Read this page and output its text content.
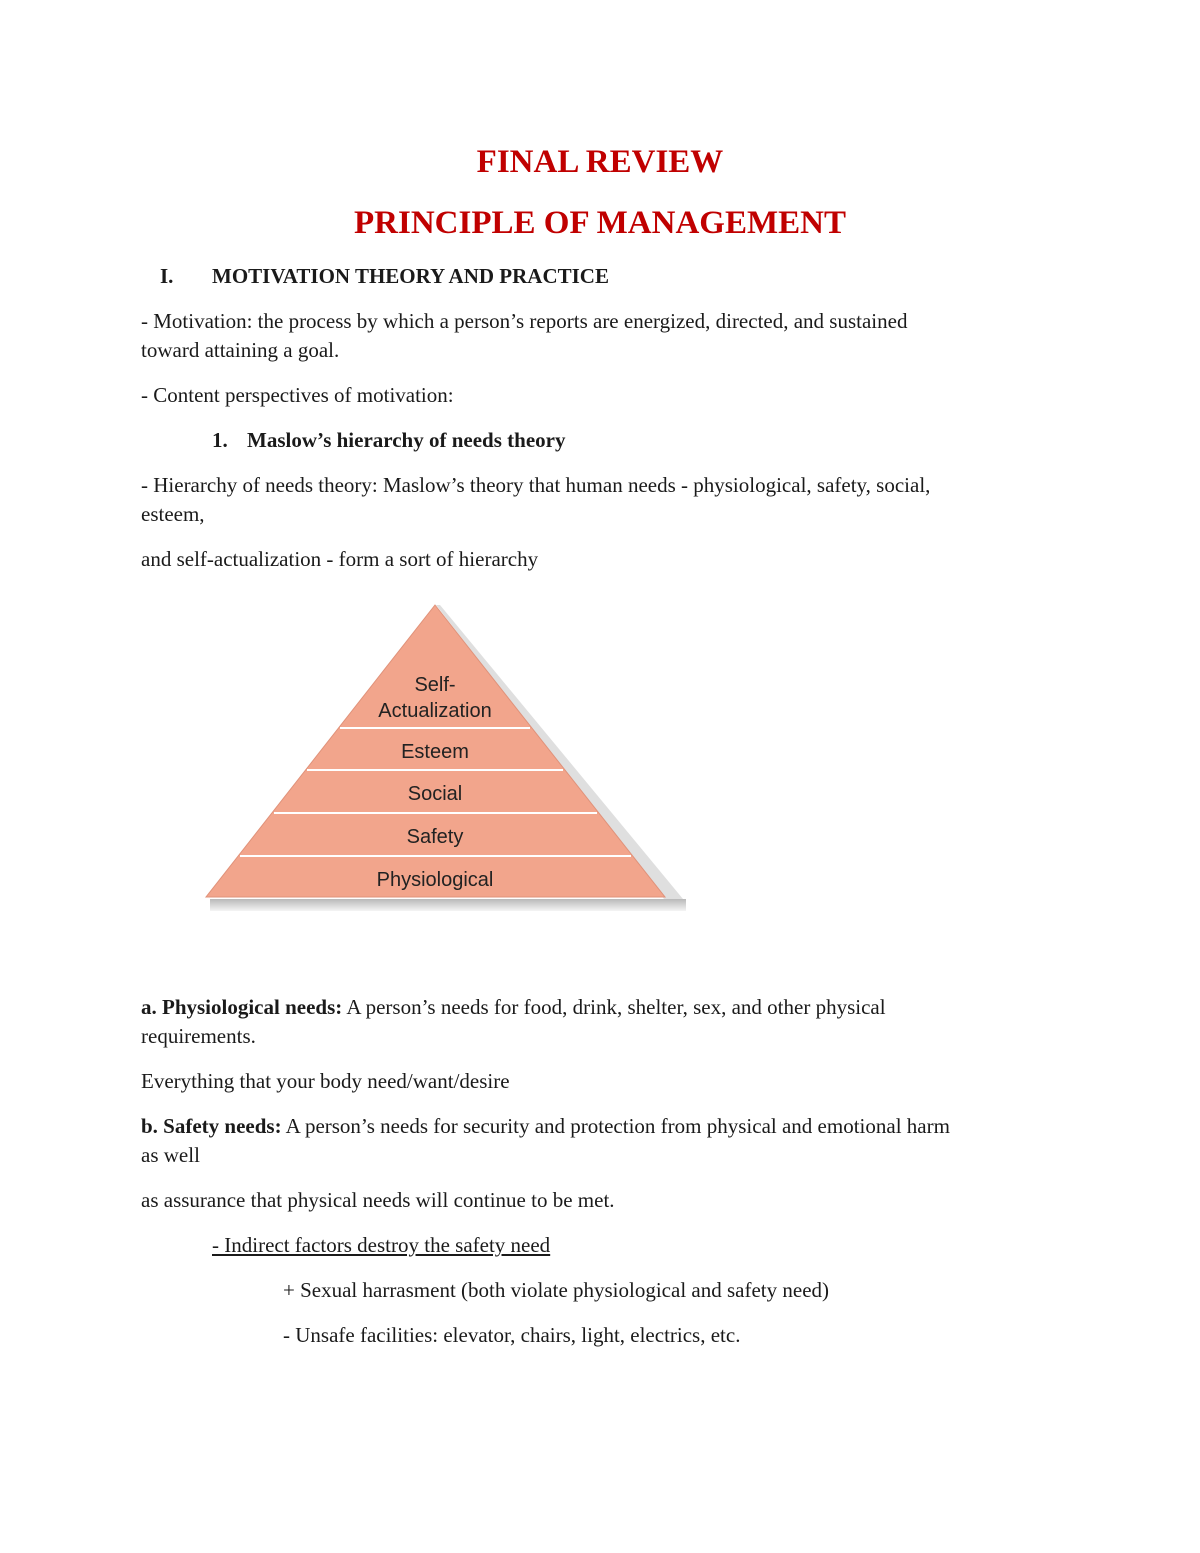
FINAL REVIEW

PRINCIPLE OF MANAGEMENT

I. MOTIVATION THEORY AND PRACTICE

- Motivation: the process by which a person’s reports are energized, directed, and sustained

toward attaining a goal.

- Content perspectives of motivation:

1. Maslow’s hierarchy of needs theory

- Hierarchy of needs theory: Maslow’s theory that human needs - physiological, safety, social,

esteem,

and self-actualization - form a sort of hierarchy

Self-
Actualization
Esteem
Social
Safety
Physiological

a. Physiological needs: A person’s needs for food, drink, shelter, sex, and other physical

requirements.

Everything that your body need/want/desire

b. Safety needs: A person’s needs for security and protection from physical and emotional harm

as well

as assurance that physical needs will continue to be met.

- Indirect factors destroy the safety need

+ Sexual harrasment (both violate physiological and safety need)

- Unsafe facilities: elevator, chairs, light, electrics, etc.
